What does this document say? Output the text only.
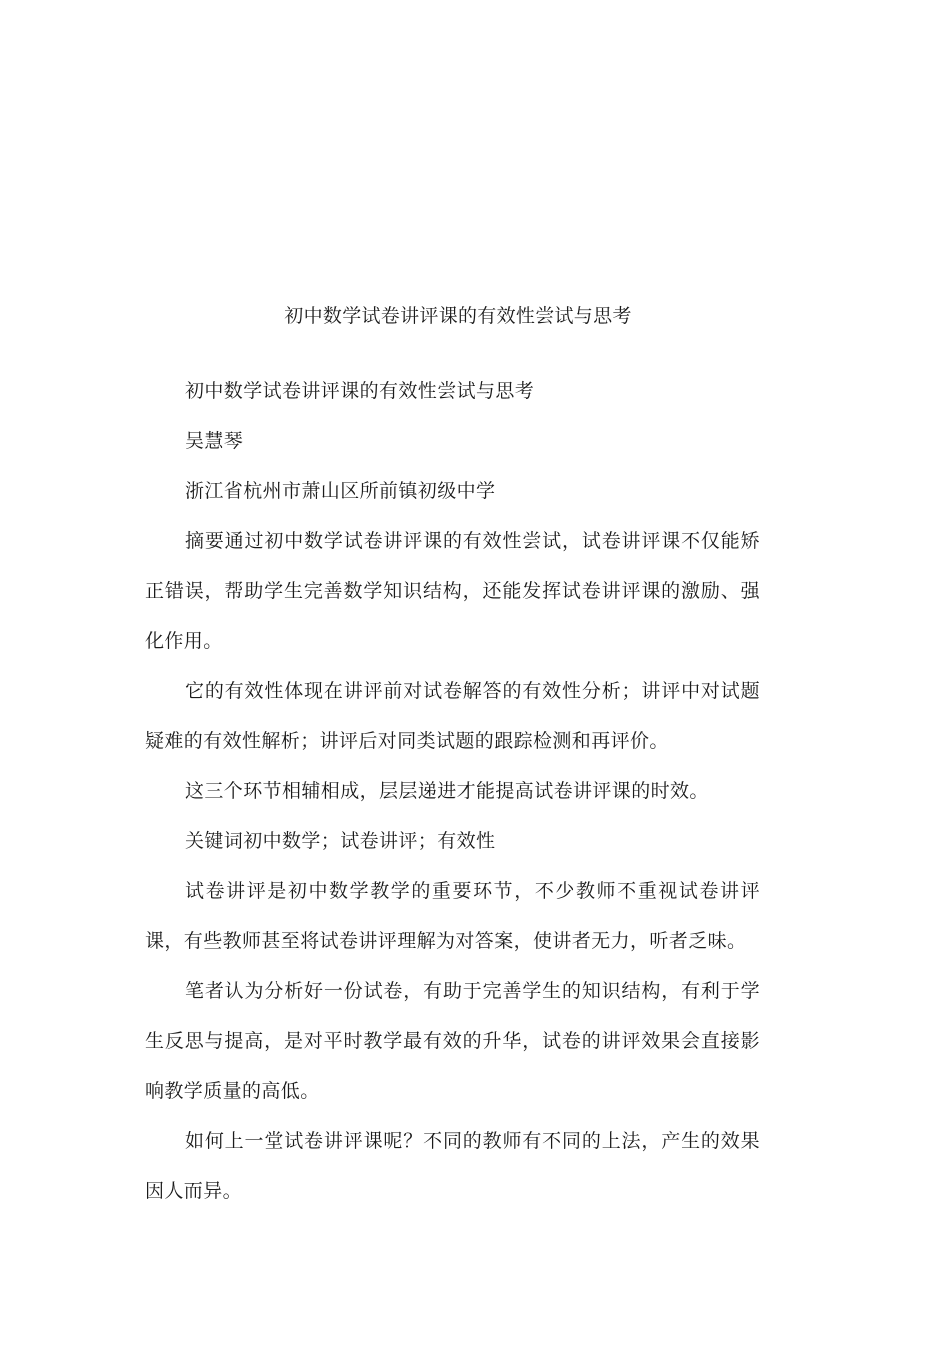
初中数学试卷讲评课的有效性尝试与思考

初中数学试卷讲评课的有效性尝试与思考

吴慧琴

浙江省杭州市萧山区所前镇初级中学

摘要通过初中数学试卷讲评课的有效性尝试，试卷讲评课不仅能矫正错误，帮助学生完善数学知识结构，还能发挥试卷讲评课的激励、强化作用。

它的有效性体现在讲评前对试卷解答的有效性分析；讲评中对试题疑难的有效性解析；讲评后对同类试题的跟踪检测和再评价。

这三个环节相辅相成，层层递进才能提高试卷讲评课的时效。

关键词初中数学；试卷讲评；有效性

试卷讲评是初中数学教学的重要环节，不少教师不重视试卷讲评课，有些教师甚至将试卷讲评理解为对答案，使讲者无力，听者乏味。

笔者认为分析好一份试卷，有助于完善学生的知识结构，有利于学生反思与提高，是对平时教学最有效的升华，试卷的讲评效果会直接影响教学质量的高低。

如何上一堂试卷讲评课呢？不同的教师有不同的上法，产生的效果因人而异。
